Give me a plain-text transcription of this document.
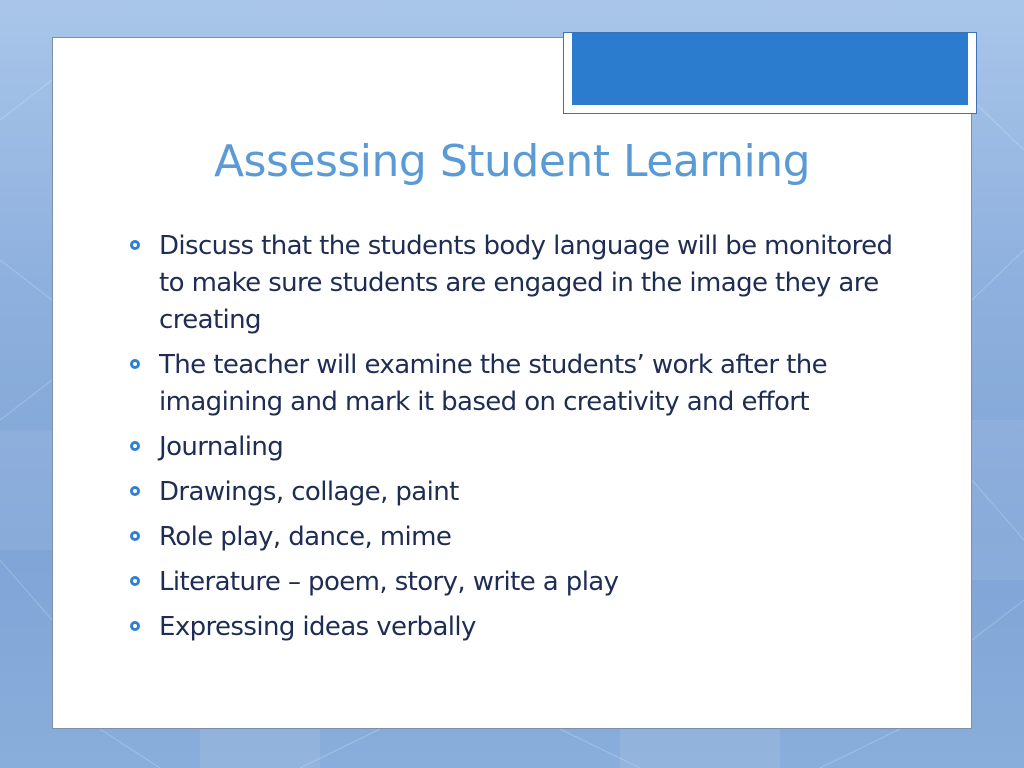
Assessing Student Learning
Discuss that the students body language will be monitored to make sure students are engaged in the image they are creating
The teacher will examine the students’ work after the imagining and mark it based on creativity and effort
Journaling
Drawings, collage, paint
Role play, dance, mime
Literature – poem, story, write a play
Expressing ideas verbally
